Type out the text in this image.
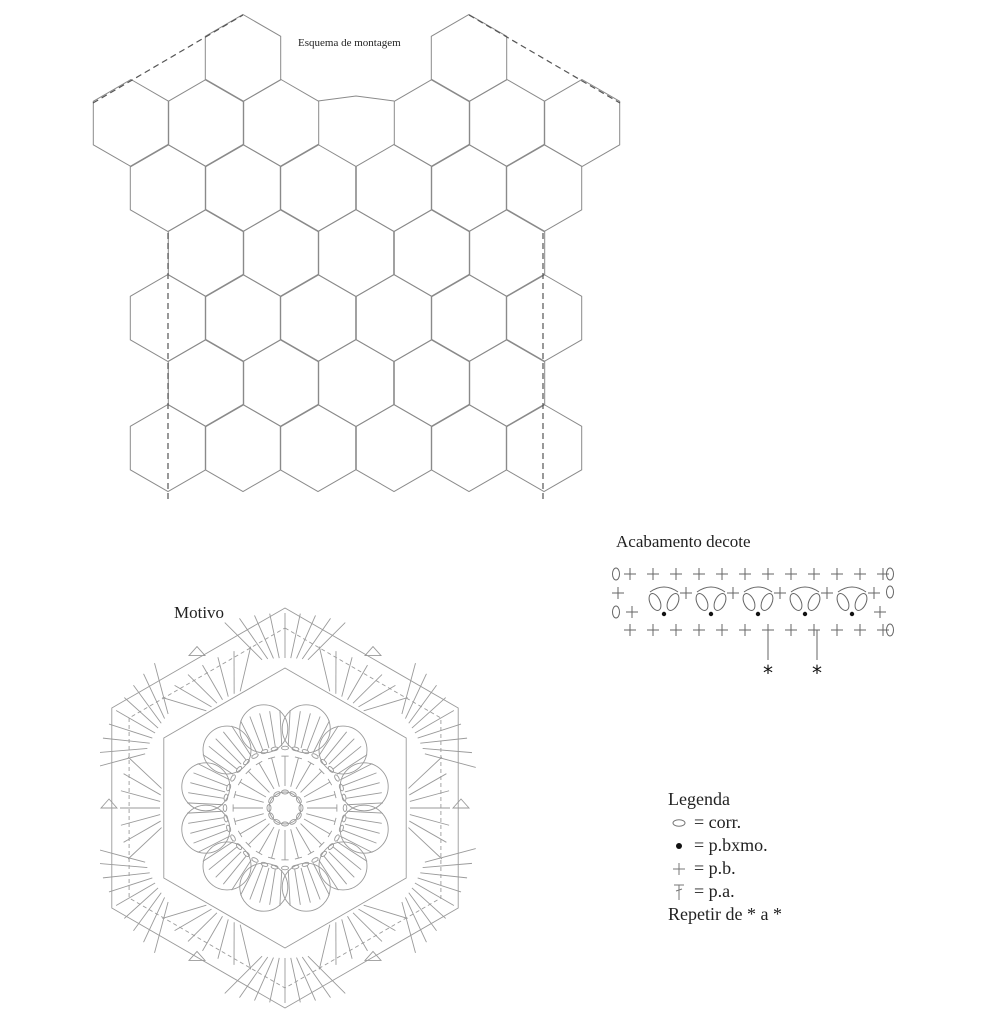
Esquema de montagem
Acabamento decote
* *
Motivo
Legenda
= corr.
= p.bxmo.
= p.b.
= p.a.
Repetir de * a *
